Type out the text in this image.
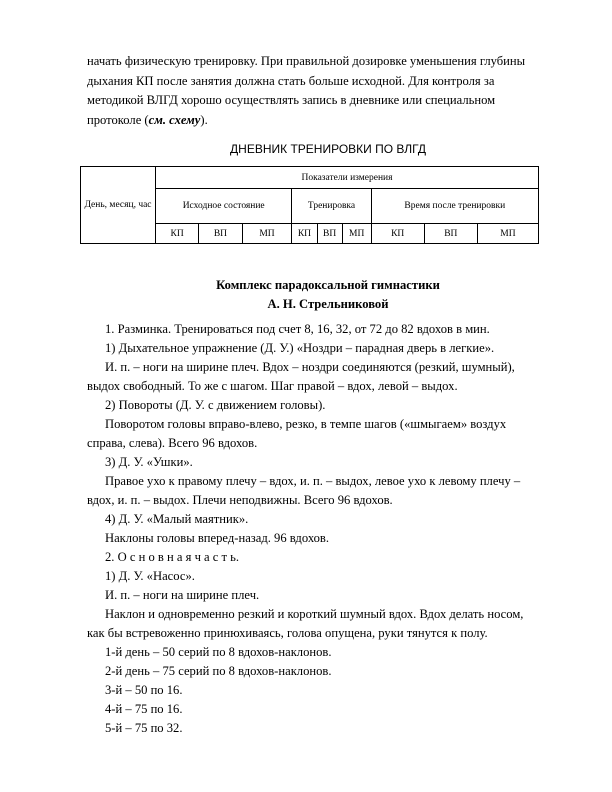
начать физическую тренировку. При правильной дозировке уменьшения глубины
дыхания КП после занятия должна стать больше исходной. Для контроля за
методикой ВЛГД хорошо осуществлять запись в дневнике или специальном
протоколе (см. схему).
ДНЕВНИК ТРЕНИРОВКИ ПО ВЛГД
День, месяц, час	Показатели измерения								
	Исходное состояние			Тренировка			Время после тренировки		
	КП	ВП	МП	КП	ВП	МП	КП	ВП	МП
Комплекс парадоксальной гимнастики
А. Н. Стрельниковой
1. Разминка. Тренироваться под счет 8, 16, 32, от 72 до 82 вдохов в мин.
1) Дыхательное упражнение (Д. У.) «Ноздри – парадная дверь в легкие».
И. п. – ноги на ширине плеч. Вдох – ноздри соединяются (резкий, шумный),
выдох свободный. То же с шагом. Шаг правой – вдох, левой – выдох.
2) Повороты (Д. У. с движением головы).
Поворотом головы вправо-влево, резко, в темпе шагов («шмыгаем» воздух
справа, слева). Всего 96 вдохов.
3) Д. У. «Ушки».
Правое ухо к правому плечу – вдох, и. п. – выдох, левое ухо к левому плечу –
вдох, и. п. – выдох. Плечи неподвижны. Всего 96 вдохов.
4) Д. У. «Малый маятник».
Наклоны головы вперед-назад. 96 вдохов.
2. О с н о в н а я ч а с т ь.
1) Д. У. «Насос».
И. п. – ноги на ширине плеч.
Наклон и одновременно резкий и короткий шумный вдох. Вдох делать носом,
как бы встревоженно принюхиваясь, голова опущена, руки тянутся к полу.
1-й день – 50 серий по 8 вдохов-наклонов.
2-й день – 75 серий по 8 вдохов-наклонов.
3-й – 50 по 16.
4-й – 75 по 16.
5-й – 75 по 32.
